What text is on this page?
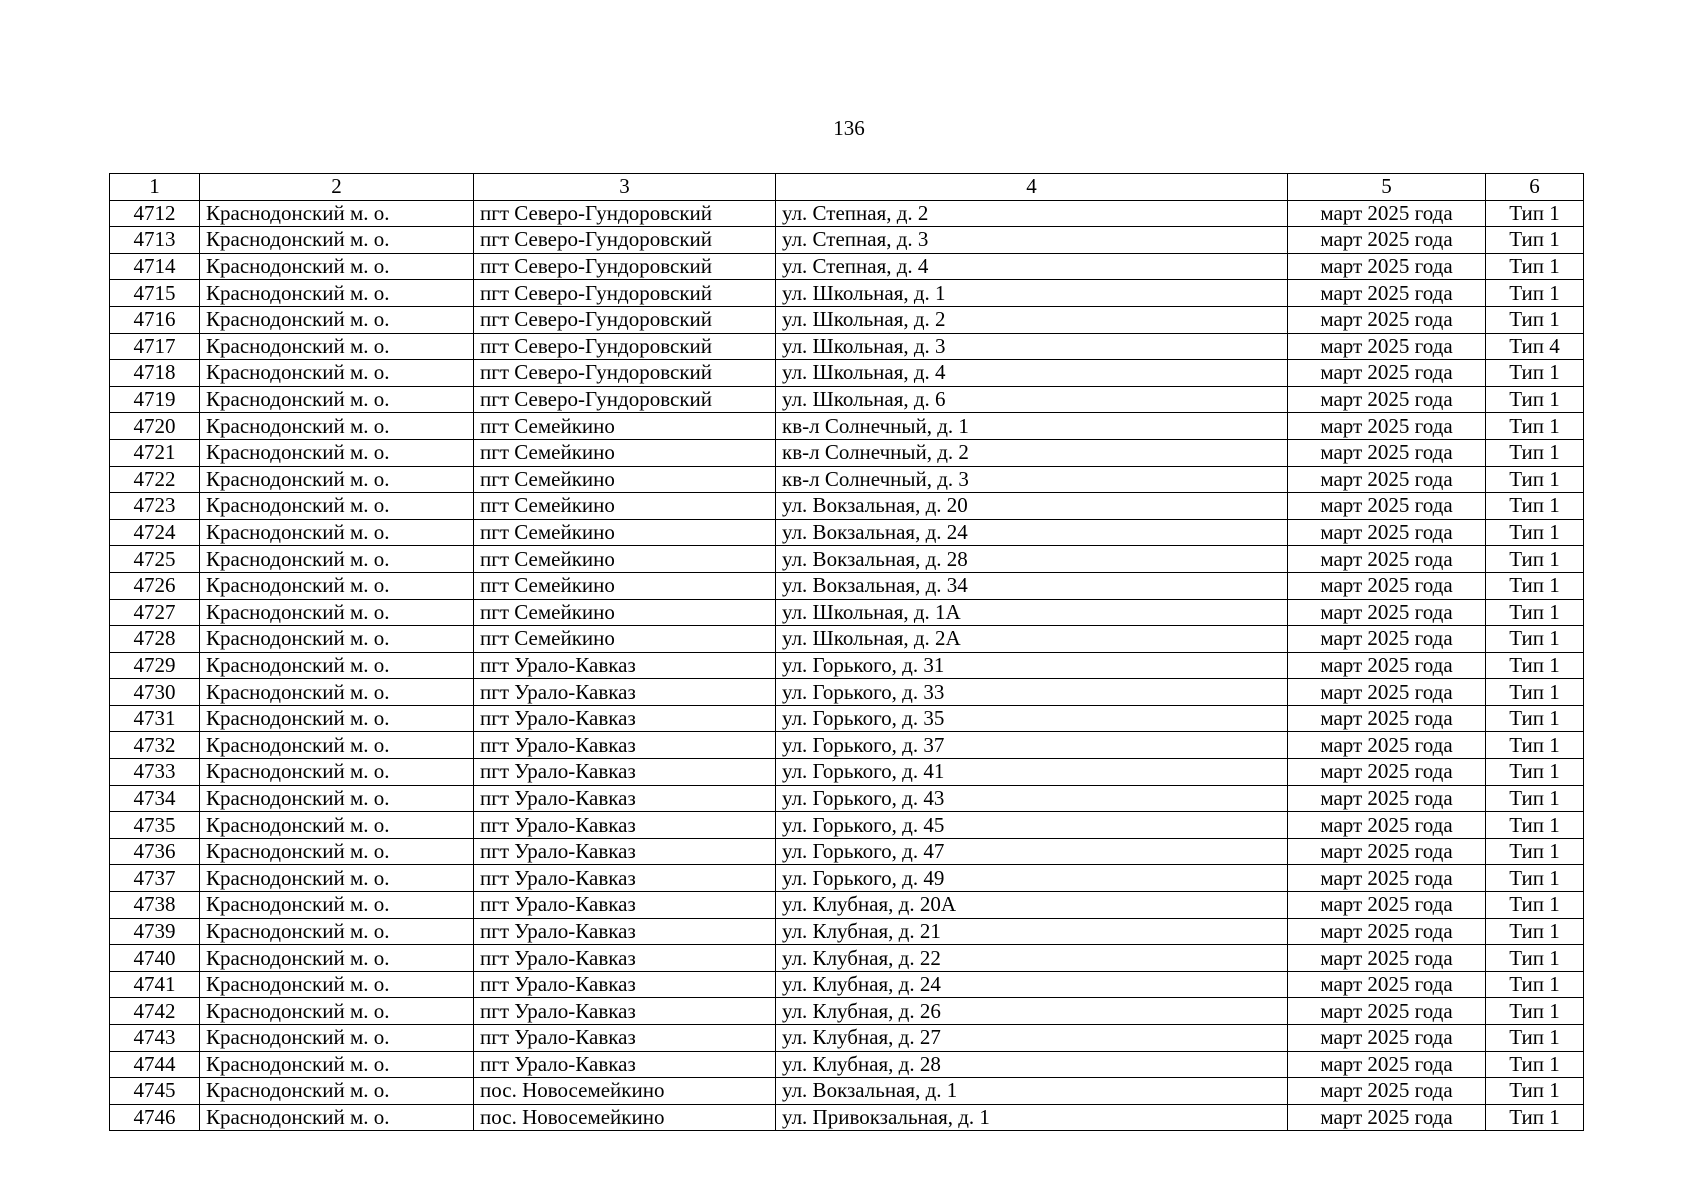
136
1	2	3	4	5	6
4712	Краснодонский м. о.	пгт Северо-Гундоровский	ул. Степная, д. 2	март 2025 года	Тип 1
4713	Краснодонский м. о.	пгт Северо-Гундоровский	ул. Степная, д. 3	март 2025 года	Тип 1
4714	Краснодонский м. о.	пгт Северо-Гундоровский	ул. Степная, д. 4	март 2025 года	Тип 1
4715	Краснодонский м. о.	пгт Северо-Гундоровский	ул. Школьная, д. 1	март 2025 года	Тип 1
4716	Краснодонский м. о.	пгт Северо-Гундоровский	ул. Школьная, д. 2	март 2025 года	Тип 1
4717	Краснодонский м. о.	пгт Северо-Гундоровский	ул. Школьная, д. 3	март 2025 года	Тип 4
4718	Краснодонский м. о.	пгт Северо-Гундоровский	ул. Школьная, д. 4	март 2025 года	Тип 1
4719	Краснодонский м. о.	пгт Северо-Гундоровский	ул. Школьная, д. 6	март 2025 года	Тип 1
4720	Краснодонский м. о.	пгт Семейкино	кв-л Солнечный, д. 1	март 2025 года	Тип 1
4721	Краснодонский м. о.	пгт Семейкино	кв-л Солнечный, д. 2	март 2025 года	Тип 1
4722	Краснодонский м. о.	пгт Семейкино	кв-л Солнечный, д. 3	март 2025 года	Тип 1
4723	Краснодонский м. о.	пгт Семейкино	ул. Вокзальная, д. 20	март 2025 года	Тип 1
4724	Краснодонский м. о.	пгт Семейкино	ул. Вокзальная, д. 24	март 2025 года	Тип 1
4725	Краснодонский м. о.	пгт Семейкино	ул. Вокзальная, д. 28	март 2025 года	Тип 1
4726	Краснодонский м. о.	пгт Семейкино	ул. Вокзальная, д. 34	март 2025 года	Тип 1
4727	Краснодонский м. о.	пгт Семейкино	ул. Школьная, д. 1А	март 2025 года	Тип 1
4728	Краснодонский м. о.	пгт Семейкино	ул. Школьная, д. 2А	март 2025 года	Тип 1
4729	Краснодонский м. о.	пгт Урало-Кавказ	ул. Горького, д. 31	март 2025 года	Тип 1
4730	Краснодонский м. о.	пгт Урало-Кавказ	ул. Горького, д. 33	март 2025 года	Тип 1
4731	Краснодонский м. о.	пгт Урало-Кавказ	ул. Горького, д. 35	март 2025 года	Тип 1
4732	Краснодонский м. о.	пгт Урало-Кавказ	ул. Горького, д. 37	март 2025 года	Тип 1
4733	Краснодонский м. о.	пгт Урало-Кавказ	ул. Горького, д. 41	март 2025 года	Тип 1
4734	Краснодонский м. о.	пгт Урало-Кавказ	ул. Горького, д. 43	март 2025 года	Тип 1
4735	Краснодонский м. о.	пгт Урало-Кавказ	ул. Горького, д. 45	март 2025 года	Тип 1
4736	Краснодонский м. о.	пгт Урало-Кавказ	ул. Горького, д. 47	март 2025 года	Тип 1
4737	Краснодонский м. о.	пгт Урало-Кавказ	ул. Горького, д. 49	март 2025 года	Тип 1
4738	Краснодонский м. о.	пгт Урало-Кавказ	ул. Клубная, д. 20А	март 2025 года	Тип 1
4739	Краснодонский м. о.	пгт Урало-Кавказ	ул. Клубная, д. 21	март 2025 года	Тип 1
4740	Краснодонский м. о.	пгт Урало-Кавказ	ул. Клубная, д. 22	март 2025 года	Тип 1
4741	Краснодонский м. о.	пгт Урало-Кавказ	ул. Клубная, д. 24	март 2025 года	Тип 1
4742	Краснодонский м. о.	пгт Урало-Кавказ	ул. Клубная, д. 26	март 2025 года	Тип 1
4743	Краснодонский м. о.	пгт Урало-Кавказ	ул. Клубная, д. 27	март 2025 года	Тип 1
4744	Краснодонский м. о.	пгт Урало-Кавказ	ул. Клубная, д. 28	март 2025 года	Тип 1
4745	Краснодонский м. о.	пос. Новосемейкино	ул. Вокзальная, д. 1	март 2025 года	Тип 1
4746	Краснодонский м. о.	пос. Новосемейкино	ул. Привокзальная, д. 1	март 2025 года	Тип 1
